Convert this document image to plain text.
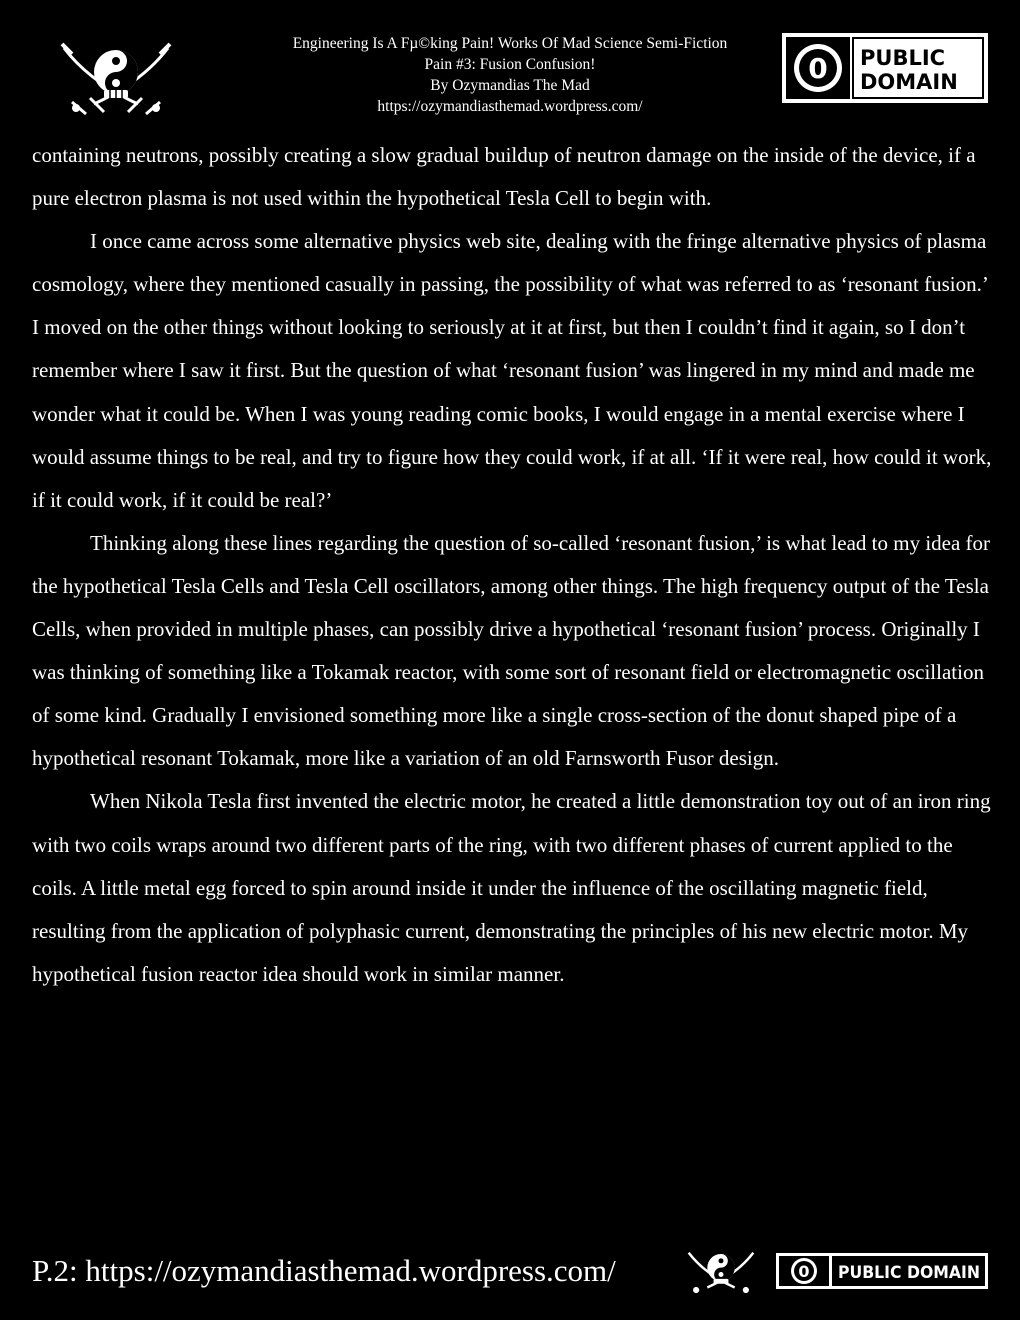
Engineering Is A Fµ©king Pain! Works Of Mad Science Semi-Fiction
Pain #3: Fusion Confusion!
By Ozymandias The Mad
https://ozymandiasthemad.wordpress.com/
0 PUBLIC
DOMAIN

containing neutrons, possibly creating a slow gradual buildup of neutron damage on the inside of the device, if a pure electron plasma is not used within the hypothetical Tesla Cell to begin with.

I once came across some alternative physics web site, dealing with the fringe alternative physics of plasma cosmology, where they mentioned casually in passing, the possibility of what was referred to as ‘resonant fusion.’ I moved on the other things without looking to seriously at it at first, but then I couldn’t find it again, so I don’t remember where I saw it first. But the question of what ‘resonant fusion’ was lingered in my mind and made me wonder what it could be. When I was young reading comic books, I would engage in a mental exercise where I would assume things to be real, and try to figure how they could work, if at all. ‘If it were real, how could it work, if it could work, if it could be real?’

Thinking along these lines regarding the question of so-called ‘resonant fusion,’ is what lead to my idea for the hypothetical Tesla Cells and Tesla Cell oscillators, among other things. The high frequency output of the Tesla Cells, when provided in multiple phases, can possibly drive a hypothetical ‘resonant fusion’ process. Originally I was thinking of something like a Tokamak reactor, with some sort of resonant field or electromagnetic oscillation of some kind. Gradually I envisioned something more like a single cross-section of the donut shaped pipe of a hypothetical resonant Tokamak, more like a variation of an old Farnsworth Fusor design.

When Nikola Tesla first invented the electric motor, he created a little demonstration toy out of an iron ring with two coils wraps around two different parts of the ring, with two different phases of current applied to the coils. A little metal egg forced to spin around inside it under the influence of the oscillating magnetic field, resulting from the application of polyphasic current, demonstrating the principles of his new electric motor. My hypothetical fusion reactor idea should work in similar manner.

P.2: https://ozymandiasthemad.wordpress.com/	0 PUBLIC DOMAIN
